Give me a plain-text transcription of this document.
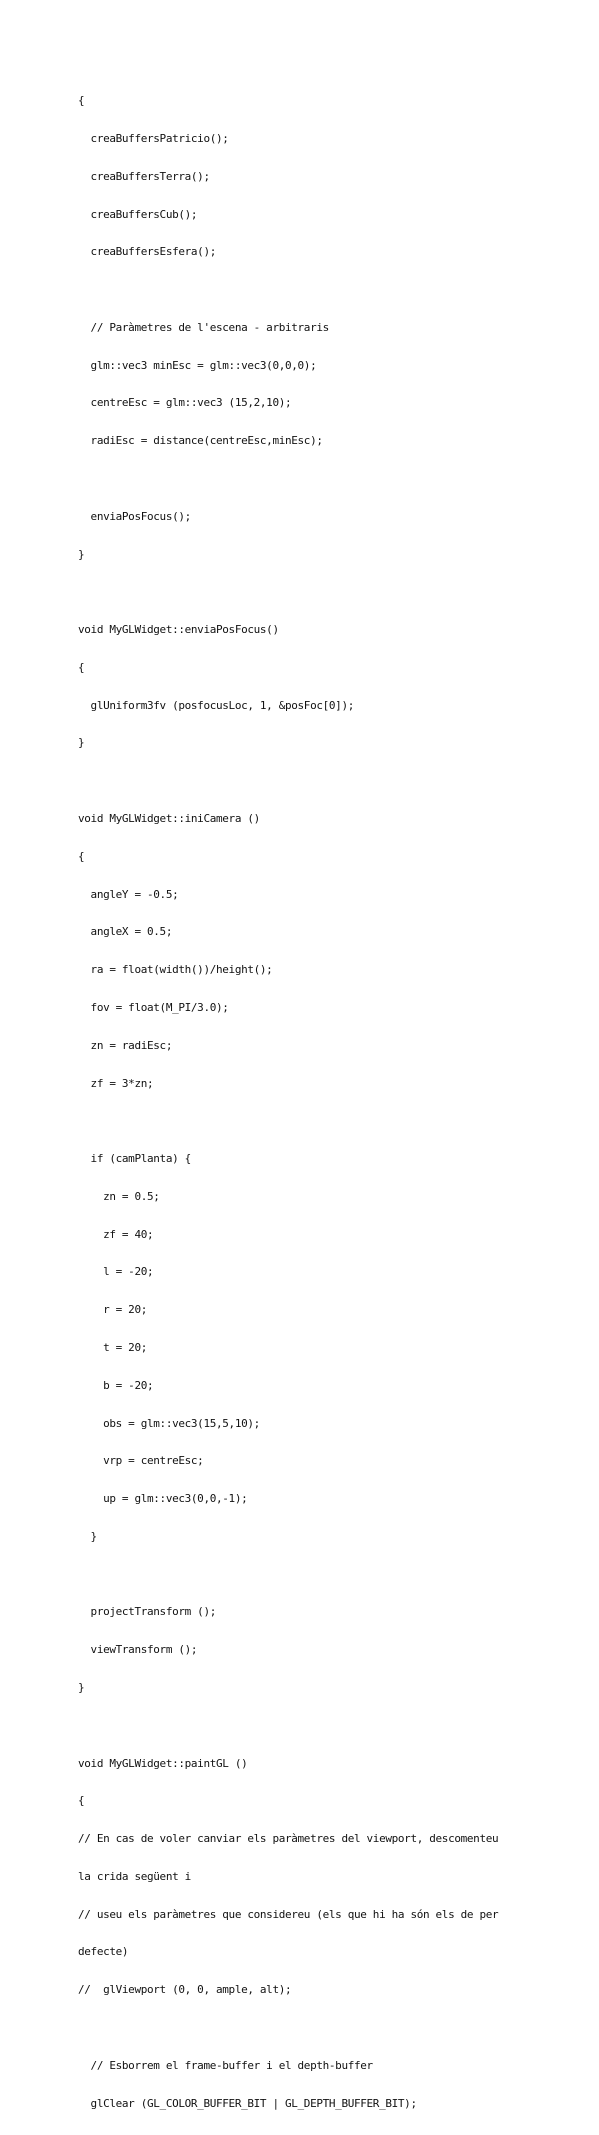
{

creaBuffersPatricio();

creaBuffersTerra();

creaBuffersCub();

creaBuffersEsfera();

// Paràmetres de l'escena - arbitraris

glm::vec3 minEsc = glm::vec3(0,0,0);

centreEsc = glm::vec3 (15,2,10);

radiEsc = distance(centreEsc,minEsc);

enviaPosFocus();

}

void MyGLWidget::enviaPosFocus()

{

glUniform3fv (posfocusLoc, 1, &posFoc[0]);

}

void MyGLWidget::iniCamera ()

{

angleY = -0.5;

angleX = 0.5;

ra = float(width())/height();

fov = float(M_PI/3.0);

zn = radiEsc;

zf = 3*zn;

if (camPlanta) {

zn = 0.5;

zf = 40;

l = -20;

r = 20;

t = 20;

b = -20;

obs = glm::vec3(15,5,10);

vrp = centreEsc;

up = glm::vec3(0,0,-1);

}

projectTransform ();

viewTransform ();

}

void MyGLWidget::paintGL ()

{

// En cas de voler canviar els paràmetres del viewport, descomenteu

la crida següent i

// useu els paràmetres que considereu (els que hi ha són els de per

defecte)

//  glViewport (0, 0, ample, alt);

// Esborrem el frame-buffer i el depth-buffer

glClear (GL_COLOR_BUFFER_BIT | GL_DEPTH_BUFFER_BIT);
